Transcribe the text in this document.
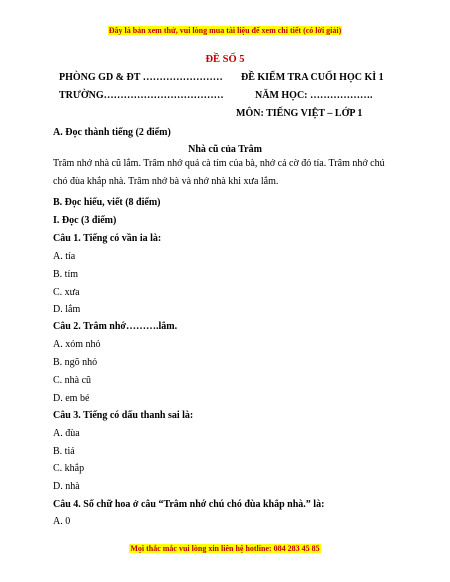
Đây là bản xem thử, vui lòng mua tài liệu để xem chi tiết (có lời giải)
ĐỀ SỐ 5
PHÒNG GD & ĐT …………………… ĐỀ KIỂM TRA CUỐI HỌC KÌ 1
TRƯỜNG………………………………	NĂM HỌC: ……………….
MÔN: TIẾNG VIỆT – LỚP 1
A. Đọc thành tiếng (2 điểm)
Nhà cũ của Trâm
Trâm nhớ nhà cũ lắm. Trâm nhớ quả cà tím của bà, nhớ cả cờ đỏ tía. Trâm nhớ chú chó đùa khắp nhà. Trâm nhớ bà và nhớ nhà khi xưa lắm.
B. Đọc hiểu, viết (8 điểm)
I. Đọc (3 điểm)
Câu 1. Tiếng có vần ia là:
A. tía
B. tím
C. xưa
D. lắm
Câu 2. Trâm nhớ……….lắm.
A. xóm nhỏ
B. ngõ nhỏ
C. nhà cũ
D. em bé
Câu 3. Tiếng có dấu thanh sai là:
A. đùa
B. tiá
C. khắp
D. nhà
Câu 4. Số chữ hoa ở câu “Trâm nhớ chú chó đùa khắp nhà.” là:
A. 0
Mọi thắc mắc vui lòng xin liên hệ hotline: 084 283 45 85
